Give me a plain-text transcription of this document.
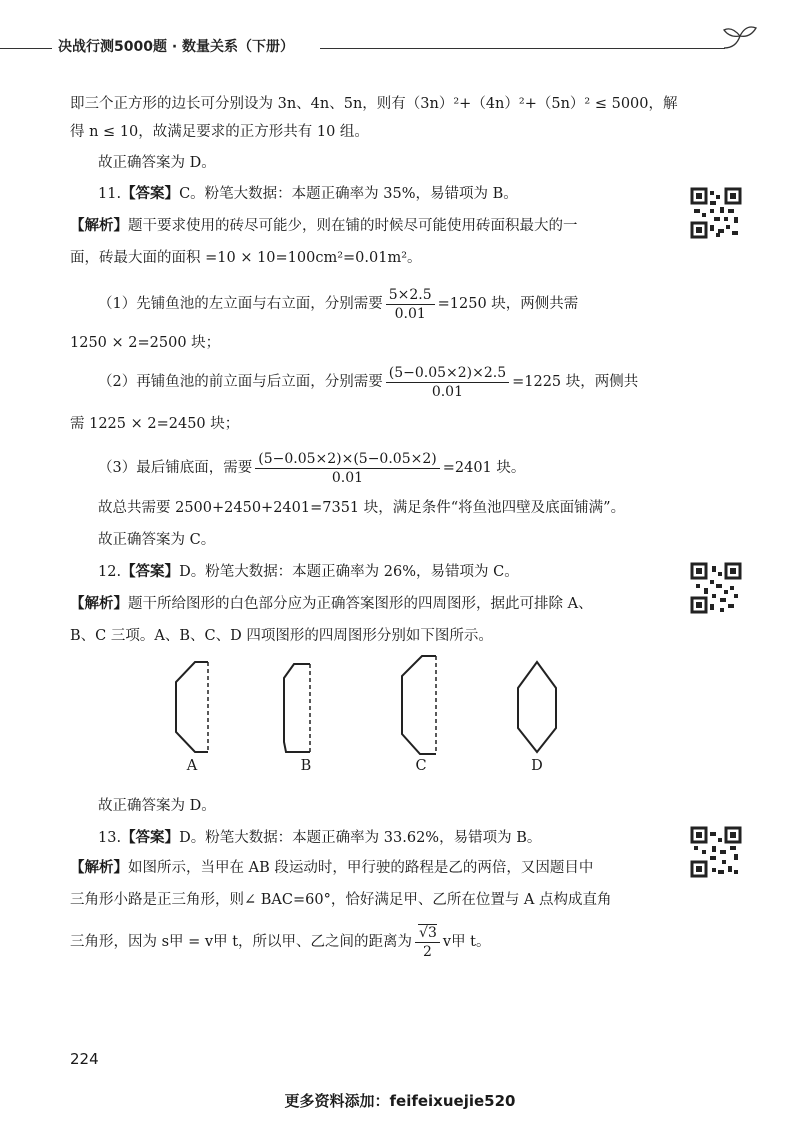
决战行测5000题 · 数量关系（下册）
即三个正方形的边长可分别设为 3n、4n、5n，则有（3n）²+（4n）²+（5n）² ≤ 5000，解
得 n ≤ 10，故满足要求的正方形共有 10 组。
故正确答案为 D。
11.【答案】C。粉笔大数据：本题正确率为 35%，易错项为 B。
【解析】题干要求使用的砖尽可能少，则在铺的时候尽可能使用砖面积最大的一
面，砖最大面的面积 =10 × 10=100cm²=0.01m²。
（1）先铺鱼池的左立面与右立面，分别需要 $\frac{5\times 2.5}{0.01} =1250$ 块，两侧共需
1250 × 2=2500 块；
（2）再铺鱼池的前立面与后立面，分别需要 $\frac{(5-0.05\times 2)\times 2.5}{0.01} =1225$ 块，两侧共
需 1225 × 2=2450 块；
（3）最后铺底面，需要 $\frac{(5-0.05\times 2)\times(5-0.05\times 2)}{0.01} =2401$ 块。
故总共需要 2500+2450+2401=7351 块，满足条件“将鱼池四壁及底面铺满”。
故正确答案为 C。
12.【答案】D。粉笔大数据：本题正确率为 26%，易错项为 C。
【解析】题干所给图形的白色部分应为正确答案图形的四周图形，据此可排除 A、
B、C 三项。A、B、C、D 四项图形的四周图形分别如下图所示。
A	B	C	D
故正确答案为 D。
13.【答案】D。粉笔大数据：本题正确率为 33.62%，易错项为 B。
【解析】如图所示，当甲在 AB 段运动时，甲行驶的路程是乙的两倍，又因题目中
三角形小路是正三角形，则∠ BAC=60°，恰好满足甲、乙所在位置与 A 点构成直角
三角形，因为 s甲 = v甲 t，所以甲、乙之间的距离为 $\frac{√3}{2}$ v甲 t。
224
更多资料添加：feifeixuejie520
